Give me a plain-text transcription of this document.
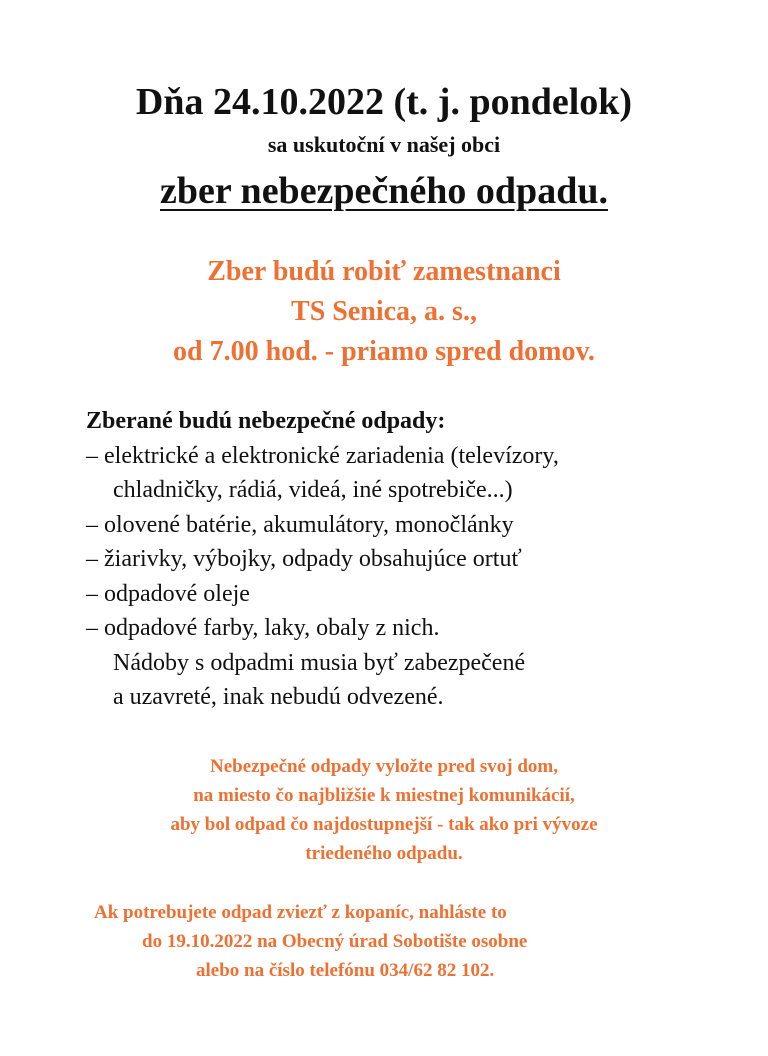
Dňa 24.10.2022 (t. j. pondelok)
sa uskutoční v našej obci
zber nebezpečného odpadu.
Zber budú robiť zamestnanci
TS Senica, a. s.,
od 7.00 hod. - priamo spred domov.
Zberané budú nebezpečné odpady:
– elektrické a elektronické zariadenia (televízory,
chladničky, rádiá, videá, iné spotrebiče...)
– olovené batérie, akumulátory, monočlánky
– žiarivky, výbojky, odpady obsahujúce ortuť
– odpadové oleje
– odpadové farby, laky, obaly z nich.
Nádoby s odpadmi musia byť zabezpečené
a uzavreté, inak nebudú odvezené.
Nebezpečné odpady vyložte pred svoj dom,
na miesto čo najbližšie k miestnej komunikácií,
aby bol odpad čo najdostupnejší - tak ako pri vývoze
triedeného odpadu.
Ak potrebujete odpad zviezť z kopaníc, nahláste to
do 19.10.2022 na Obecný úrad Sobotište osobne
alebo na číslo telefónu 034/62 82 102.
